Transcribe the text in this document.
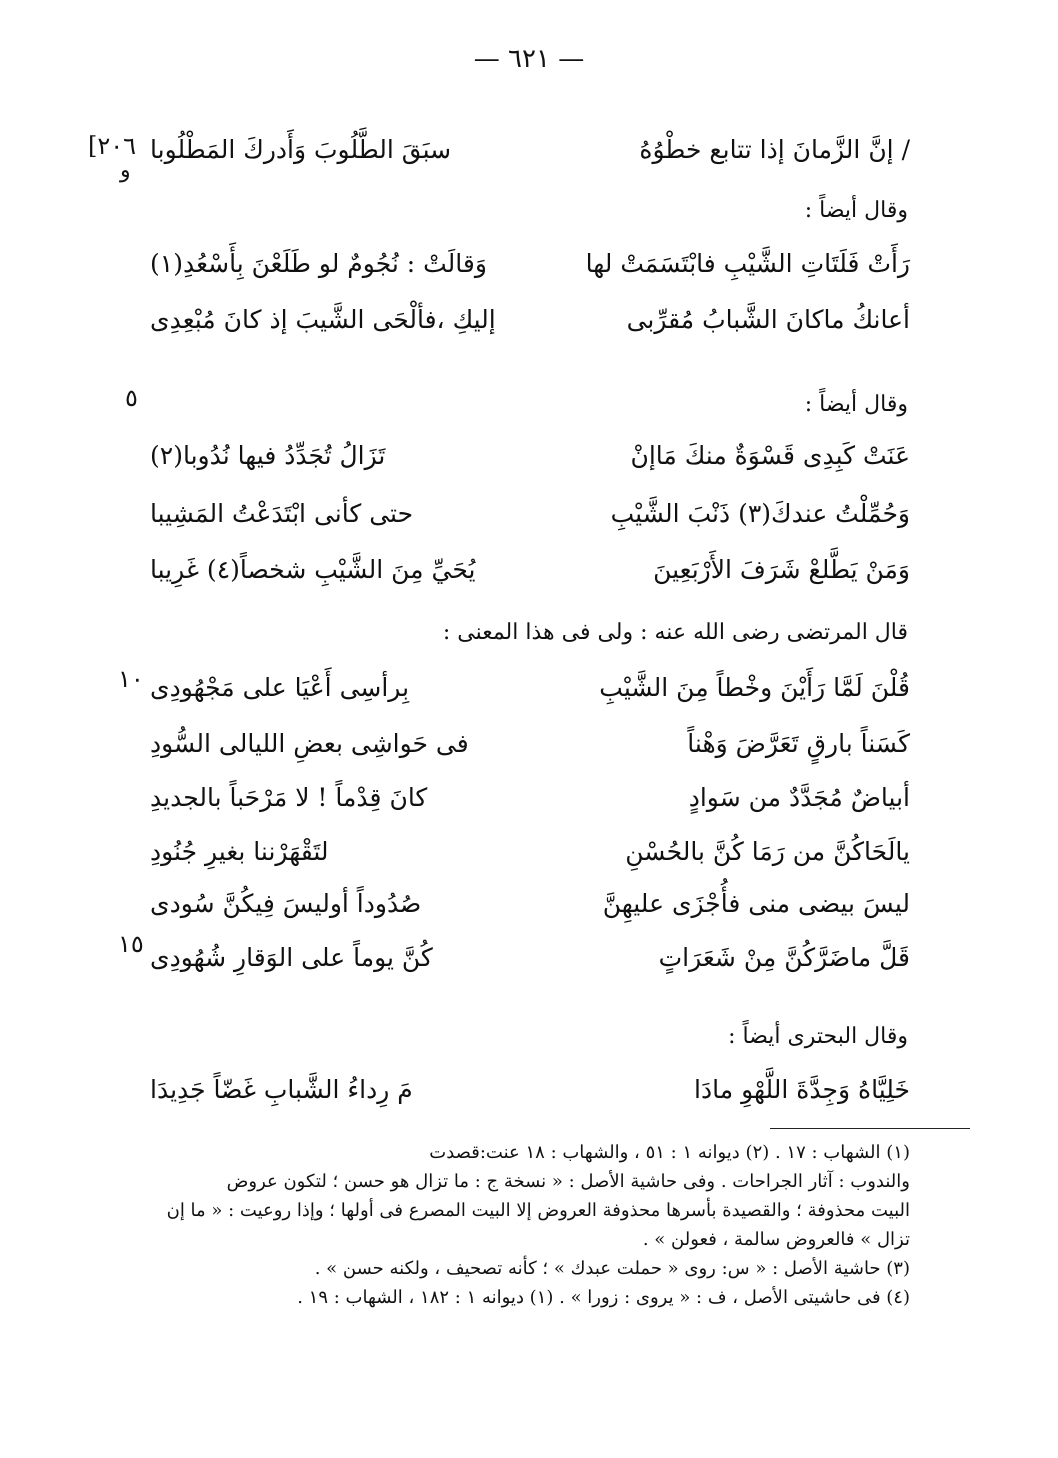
— ٦٢١ —
[٢٠٦
و
٥
١٠
١٥
/ إنَّ الزَّمانَ إذا تتابع خطْوُهُ
سبَقَ الطَّلُوبَ وَأَدركَ المَطْلُوبا
وقال أيضاً :
رَأَتْ فَلَتَاتِ الشَّيْبِ فابْتَسَمَتْ لها
وَقالَتْ : نُجُومٌ لو طَلَعْنَ بِأَسْعُدِ(١)
أعانكُ ماكانَ الشَّبابُ مُقرِّبى
إليكِ ،فألْحَى الشَّيبَ إذ كانَ مُبْعِدِى
وقال أيضاً :
عَنَتْ كَبِدِى قَسْوَةٌ منكَ مَاإنْ
تَزَالُ تُجَدِّدُ فيها نُدُوبا(٢)
وَحُمِّلْتُ عندكَ(٣) ذَنْبَ الشَّيْبِ
حتى كأنى ابْتَدَعْتُ المَشِيبا
وَمَنْ يَطَّلعْ شَرَفَ الأَرْبَعِينَ
يُحَيِّ مِنَ الشَّيْبِ شخصاً(٤) غَرِيبا
قال المرتضى رضى الله عنه : ولى فى هذا المعنى :
قُلْنَ لَمَّا رَأَيْنَ وخْطاً مِنَ الشَّيْبِ
بِرأسِى أَعْيَا على مَجْهُودِى
كَسَناً بارقٍ تَعَرَّضَ وَهْناً
فى حَواشِى بعضِ الليالى السُّودِ
أبياضٌ مُجَدَّدٌ من سَوادٍ
كانَ قِدْماً ! لا مَرْحَباً بالجديدِ
يالَحَاكُنَّ من رَمَا كُنَّ بالحُسْنِ
لتَقْهَرْننا بغيرِ جُنُودِ
ليسَ بيضى منى فأُجْزَى عليهِنَّ
صُدُوداً أوليسَ فِيكُنَّ سُودى
قَلَّ ماضَرَّكُنَّ مِنْ شَعَرَاتٍ
كُنَّ يوماً على الوَقارِ شُهُودِى
وقال البحترى أيضاً :
خَلِيَّاهُ وَجِدَّةَ اللَّهْوِ مادَا
مَ رِداءُ الشَّبابِ غَضّاً جَدِيدَا
(١) الشهاب : ١٧ . (٢) ديوانه ١ : ٥١ ، والشهاب : ١٨ عنت:قصدت
والندوب : آثار الجراحات . وفى حاشية الأصل : « نسخة ج : ما تزال هو حسن ؛ لتكون عروض
البيت محذوفة ؛ والقصيدة بأسرها محذوفة العروض إلا البيت المصرع فى أولها ؛ وإذا روعيت : « ما إن
تزال » فالعروض سالمة ، فعولن » .
(٣) حاشية الأصل : « س: روى « حملت عبدك » ؛ كأنه تصحيف ، ولكنه حسن » .
(٤) فى حاشيتى الأصل ، ف : « يروى : زورا » . (١) ديوانه ١ : ١٨٢ ، الشهاب : ١٩ .
